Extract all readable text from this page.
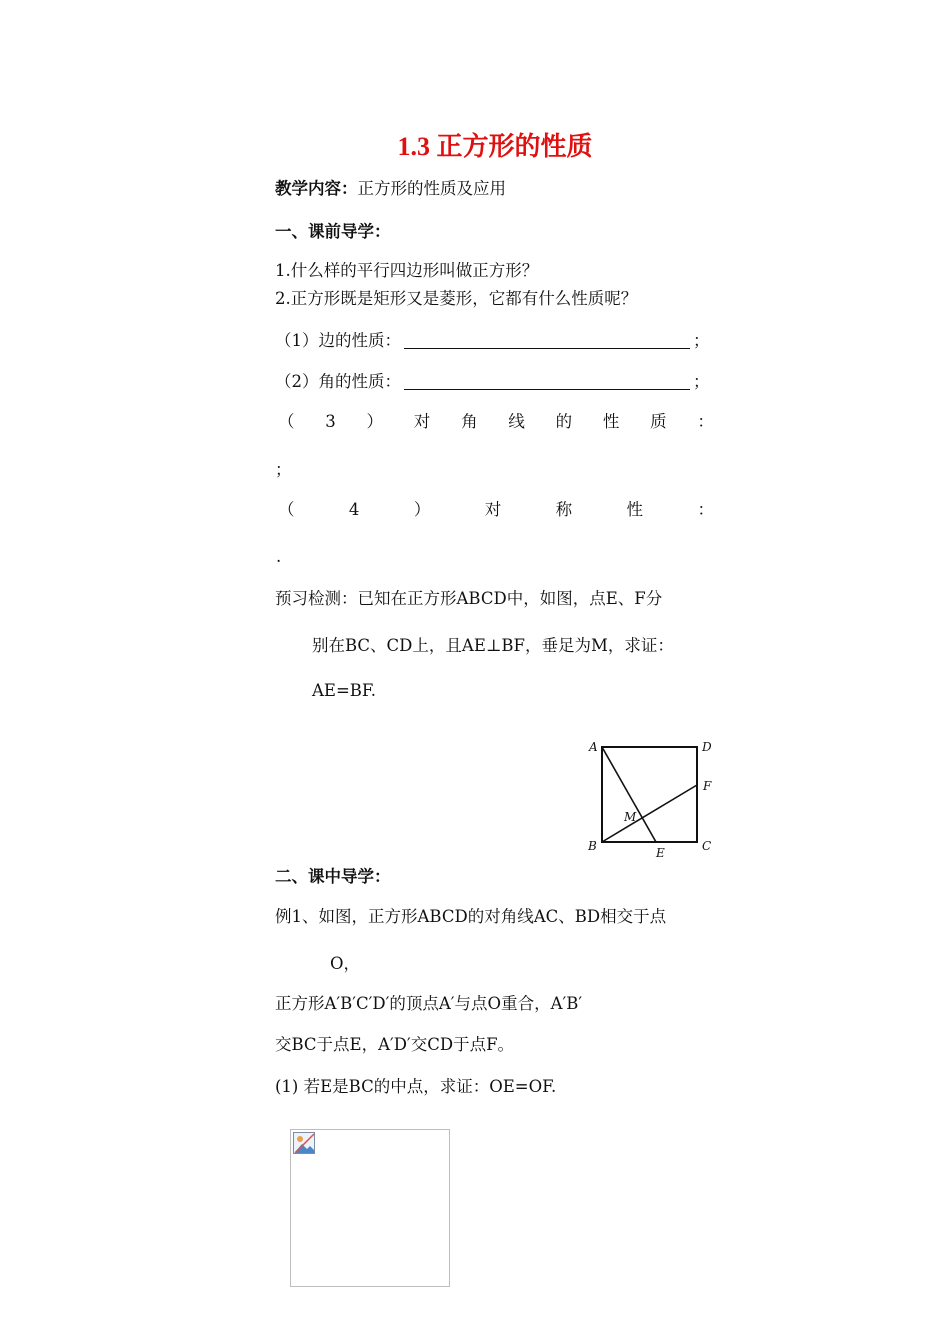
1.3 正方形的性质
教学内容：正方形的性质及应用
一、课前导学：
1.什么样的平行四边形叫做正方形？
2.正方形既是矩形又是菱形，它都有什么性质呢？
（1）边的性质：	；
（2）角的性质：	；
（ 3 ） 对 角 线 的 性 质 ：
；
（	4	）	对	称	性	：
.
预习检测：已知在正方形ABCD中，如图，点E、F分
别在BC、CD上，且AE⊥BF，垂足为M，求证：
AE=BF.
A	D
F
M
B	C
E
二、课中导学：
例1、如图，正方形ABCD的对角线AC、BD相交于点
O，
正方形A′B′C′D′的顶点A′与点O重合，A′B′
交BC于点E，A′D′交CD于点F。
(1) 若E是BC的中点，求证：OE=OF.
